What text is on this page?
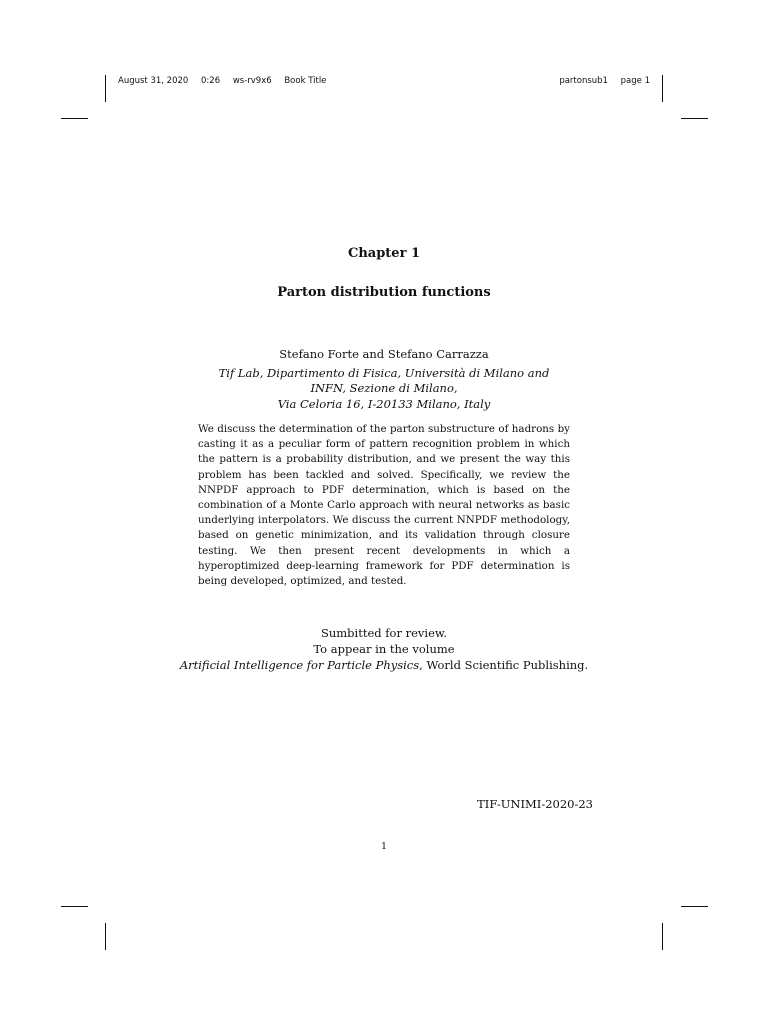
August 31, 2020 0:26 ws-rv9x6 Book Title	partonsub1 page 1
Chapter 1
Parton distribution functions
Stefano Forte and Stefano Carrazza
Tif Lab, Dipartimento di Fisica, Università di Milano and
INFN, Sezione di Milano,
Via Celoria 16, I-20133 Milano, Italy
We discuss the determination of the parton substructure of hadrons by casting it as a peculiar form of pattern recognition problem in which the pattern is a probability distribution, and we present the way this problem has been tackled and solved. Specifically, we review the NNPDF approach to PDF determination, which is based on the combination of a Monte Carlo approach with neural networks as basic underlying interpolators. We discuss the current NNPDF methodology, based on genetic minimization, and its validation through closure testing. We then present recent developments in which a hyperoptimized deep-learning framework for PDF determination is being developed, optimized, and tested.
Sumbitted for review.
To appear in the volume
Artificial Intelligence for Particle Physics, World Scientific Publishing.
TIF-UNIMI-2020-23
1
